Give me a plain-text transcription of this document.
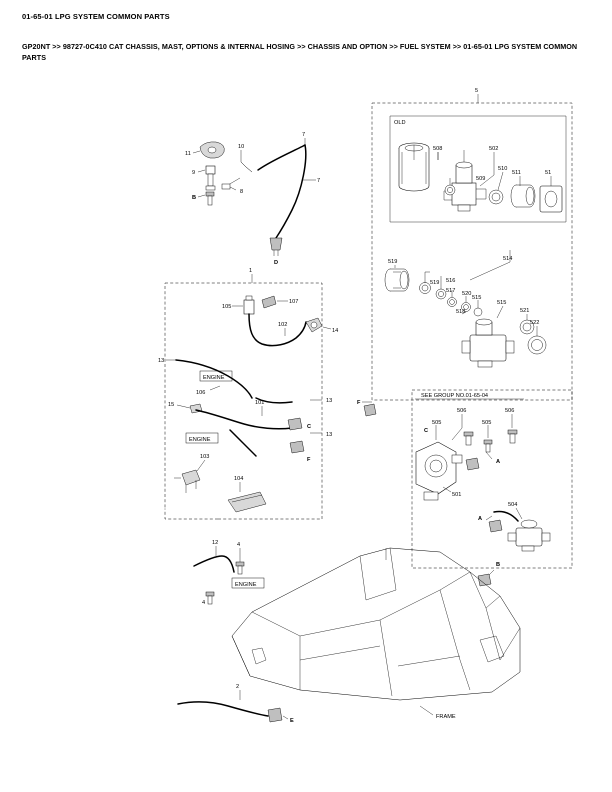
01-65-01 LPG SYSTEM COMMON PARTS
GP20NT >> 98727-0C410 CAT CHASSIS, MAST, OPTIONS & INTERNAL HOSING >> CHASSIS AND OPTION >> FUEL SYSTEM >> 01-65-01 LPG SYSTEM COMMON PARTS
5
OLD
508	502
509
510
511	51
519
519 516
517 520
515
518
514
515
521
522
11
10
9
B
8
7
7
D
1
105
107
102
14
ENGINE
13
106
15	101
C
F
13
13
ENGINE
103
104
SEE GROUP NO.01-65-04
501
506
505
C
506
505
A
504
A
F
B
FRAME
ENGINE
12	4
4
2
E
